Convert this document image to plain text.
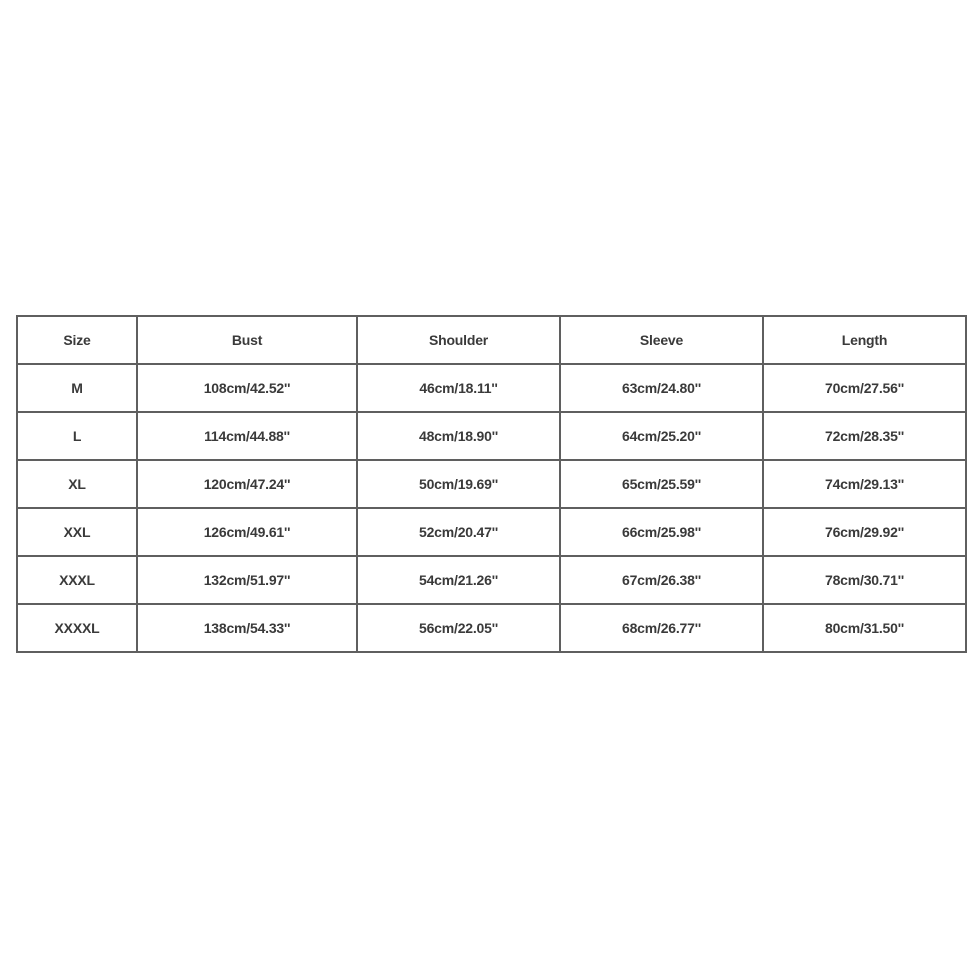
Size	Bust	Shoulder	Sleeve	Length
M	108cm/42.52''	46cm/18.11''	63cm/24.80''	70cm/27.56''
L	114cm/44.88''	48cm/18.90''	64cm/25.20''	72cm/28.35''
XL	120cm/47.24''	50cm/19.69''	65cm/25.59''	74cm/29.13''
XXL	126cm/49.61''	52cm/20.47''	66cm/25.98''	76cm/29.92''
XXXL	132cm/51.97''	54cm/21.26''	67cm/26.38''	78cm/30.71''
XXXXL	138cm/54.33''	56cm/22.05''	68cm/26.77''	80cm/31.50''
